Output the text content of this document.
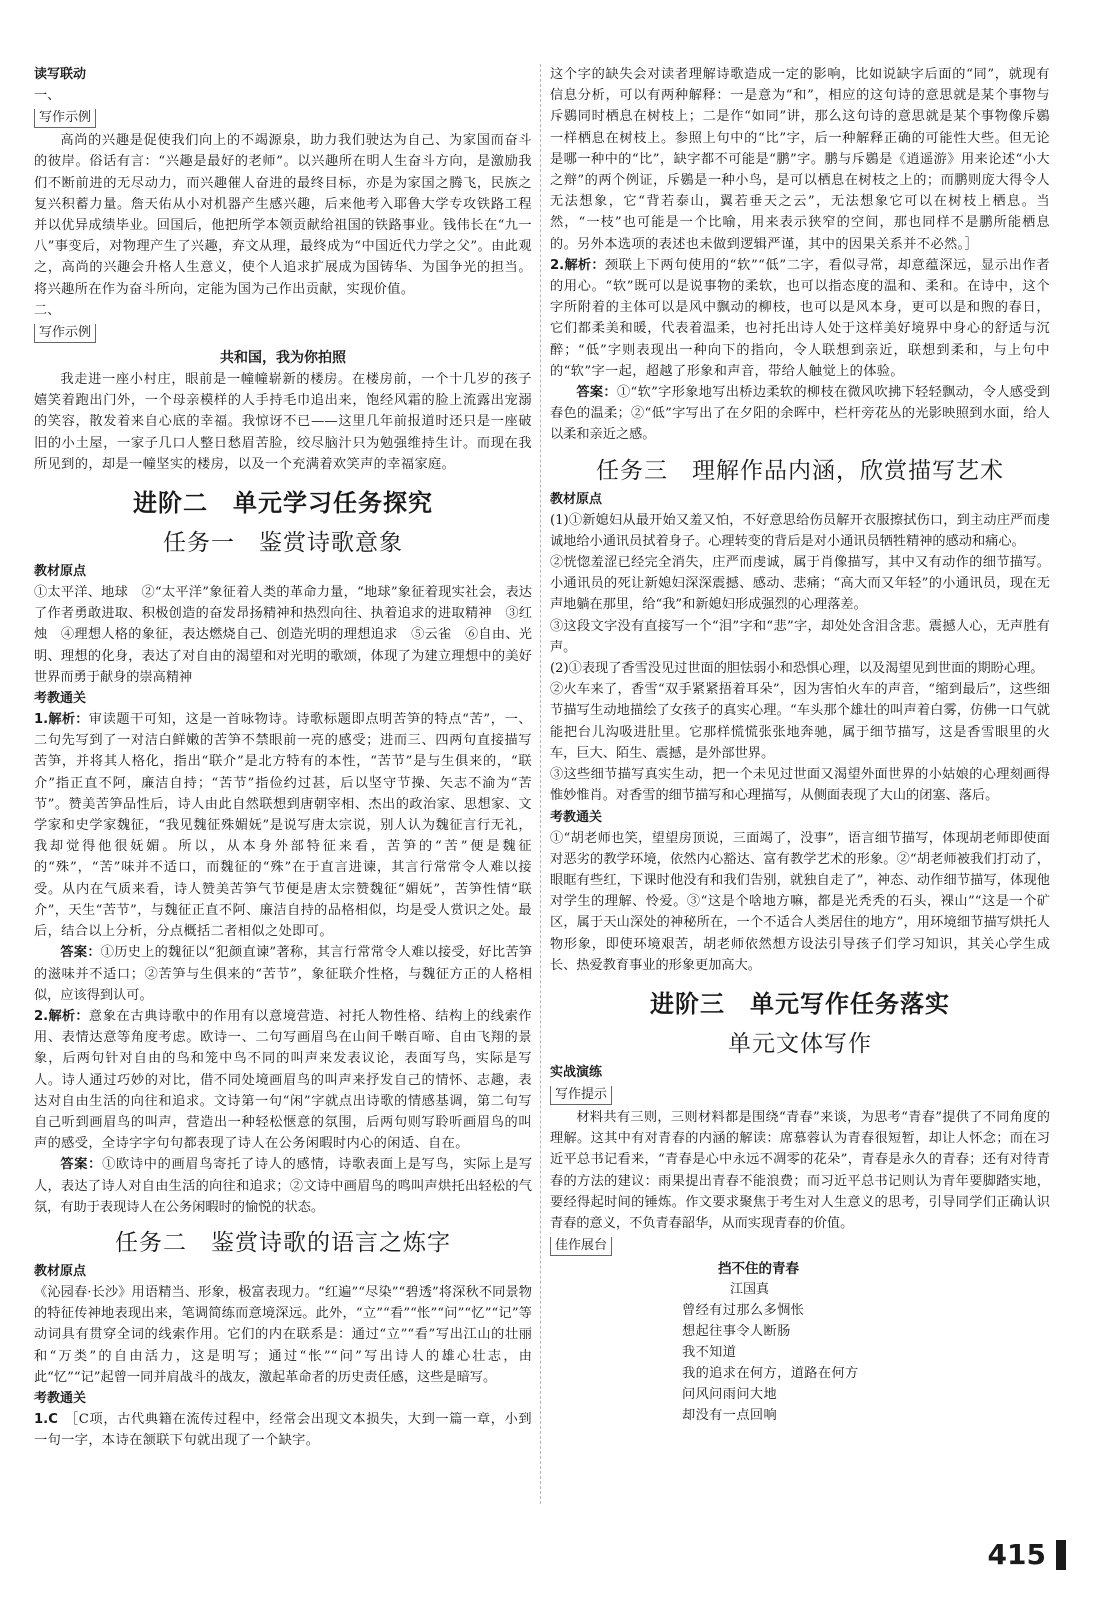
读写联动

一、

写作示例

高尚的兴趣是促使我们向上的不竭源泉，助力我们驶达为自己、为家国而奋斗的彼岸。俗话有言：“兴趣是最好的老师”。以兴趣所在明人生奋斗方向，是激励我们不断前进的无尽动力，而兴趣催人奋进的最终目标，亦是为家国之腾飞，民族之复兴积蓄力量。詹天佑从小对机器产生感兴趣，后来他考入耶鲁大学专攻铁路工程并以优异成绩毕业。回国后，他把所学本领贡献给祖国的铁路事业。钱伟长在“九一八”事变后，对物理产生了兴趣，弃文从理，最终成为“中国近代力学之父”。由此观之，高尚的兴趣会升格人生意义，使个人追求扩展成为国铸华、为国争光的担当。将兴趣所在作为奋斗所向，定能为国为己作出贡献，实现价值。

二、

写作示例

共和国，我为你拍照

我走进一座小村庄，眼前是一幢幢崭新的楼房。在楼房前，一个十几岁的孩子嬉笑着跑出门外，一个母亲模样的人手持毛巾追出来，饱经风霜的脸上流露出宠溺的笑容，散发着来自心底的幸福。我惊讶不已——这里几年前报道时还只是一座破旧的小土屋，一家子几口人整日愁眉苦脸，绞尽脑汁只为勉强维持生计。而现在我所见到的，却是一幢坚实的楼房，以及一个充满着欢笑声的幸福家庭。

进阶二　单元学习任务探究
任务一　鉴赏诗歌意象

教材原点

①太平洋、地球　②“太平洋”象征着人类的革命力量，“地球”象征着现实社会，表达了作者勇敢进取、积极创造的奋发昂扬精神和热烈向往、执着追求的进取精神　③红烛　④理想人格的象征，表达燃烧自己、创造光明的理想追求　⑤云雀　⑥自由、光明、理想的化身，表达了对自由的渴望和对光明的歌颂，体现了为建立理想中的美好世界而勇于献身的崇高精神

考教通关

1.解析：审读题干可知，这是一首咏物诗。诗歌标题即点明苦笋的特点“苦”，一、二句先写到了一对洁白鲜嫩的苦笋不禁眼前一亮的感受；进而三、四两句直接描写苦笋，并将其人格化，指出“联介”是北方特有的本性，“苦节”是与生俱来的，“联介”指正直不阿，廉洁自持；“苦节”指俭约过甚，后以坚守节操、矢志不渝为“苦节”。赞美苦笋品性后，诗人由此自然联想到唐朝宰相、杰出的政治家、思想家、文学家和史学家魏征，“我见魏征殊媚妩”是说写唐太宗说，别人认为魏征言行无礼，我却觉得他很妩媚。所以，从本身外部特征来看，苦笋的“苦”便是魏征的“殊”，“苦”味并不适口，而魏征的“殊”在于直言进谏，其言行常常令人难以接受。从内在气质来看，诗人赞美苦笋气节便是唐太宗赞魏征“媚妩”，苦笋性情“联介”，天生“苦节”，与魏征正直不阿、廉洁自持的品格相似，均是受人赏识之处。最后，结合以上分析，分点概括二者相似之处即可。

答案：①历史上的魏征以“犯颜直谏”著称，其言行常常令人难以接受，好比苦笋的滋味并不适口；②苦笋与生俱来的“苦节”，象征联介性格，与魏征方正的人格相似，应该得到认可。

2.解析：意象在古典诗歌中的作用有以意境营造、衬托人物性格、结构上的线索作用、表情达意等角度考虑。欧诗一、二句写画眉鸟在山间千啭百啼、自由飞翔的景象，后两句针对自由的鸟和笼中鸟不同的叫声来发表议论，表面写鸟，实际是写人。诗人通过巧妙的对比，借不同处境画眉鸟的叫声来抒发自己的情怀、志趣，表达对自由生活的向往和追求。文诗第一句“闲”字就点出诗歌的情感基调，第二句写自己听到画眉鸟的叫声，营造出一种轻松惬意的氛围，后两句则写聆听画眉鸟的叫声的感受，全诗字字句句都表现了诗人在公务闲暇时内心的闲适、自在。

答案：①欧诗中的画眉鸟寄托了诗人的感情，诗歌表面上是写鸟，实际上是写人，表达了诗人对自由生活的向往和追求；②文诗中画眉鸟的鸣叫声烘托出轻松的气氛，有助于表现诗人在公务闲暇时的愉悦的状态。

任务二　鉴赏诗歌的语言之炼字

教材原点

《沁园春·长沙》用语精当、形象，极富表现力。“红遍”“尽染”“碧透”将深秋不同景物的特征传神地表现出来，笔调简练而意境深远。此外，“立”“看”“怅”“问”“忆”“记”等动词具有贯穿全词的线索作用。它们的内在联系是：通过“立”“看”写出江山的壮丽和“万类”的自由活力，这是明写；通过“怅”“问”写出诗人的雄心壮志，由此“忆”“记”起曾一同并肩战斗的战友，激起革命者的历史责任感，这些是暗写。

考教通关

1.C　 ［C项，古代典籍在流传过程中，经常会出现文本损失，大到一篇一章，小到一句一字，本诗在颔联下句就出现了一个缺字。

这个字的缺失会对读者理解诗歌造成一定的影响，比如说缺字后面的“同”，就现有信息分析，可以有两种解释：一是意为“和”，相应的这句诗的意思就是某个事物与斥鷃同时栖息在树枝上；二是作“如同”讲，那么这句诗的意思就是某个事物像斥鷃一样栖息在树枝上。参照上句中的“比”字，后一种解释正确的可能性大些。但无论是哪一种中的“比”，缺字都不可能是“鹏”字。鹏与斥鷃是《逍遥游》用来论述“小大之辩”的两个例证，斥鷃是一种小鸟，是可以栖息在树枝之上的；而鹏则庞大得令人无法想象，它“背若泰山，翼若垂天之云”，无法想象它可以在树枝上栖息。当然，“一枝”也可能是一个比喻，用来表示狭窄的空间，那也同样不是鹏所能栖息的。另外本选项的表述也未做到逻辑严谨，其中的因果关系并不必然。］

2.解析：颈联上下两句使用的“软”“低”二字，看似寻常，却意蕴深远，显示出作者的用心。“软”既可以是说事物的柔软，也可以指态度的温和、柔和。在诗中，这个字所附着的主体可以是风中飘动的柳枝，也可以是风本身，更可以是和煦的春日，它们都柔美和暖，代表着温柔，也衬托出诗人处于这样美好境界中身心的舒适与沉醉；“低”字则表现出一种向下的指向，令人联想到亲近，联想到柔和，与上句中的“软”字一起，超越了形象和声音，带给人触觉上的体验。

答案：①“软”字形象地写出桥边柔软的柳枝在微风吹拂下轻轻飘动，令人感受到春色的温柔；②“低”字写出了在夕阳的余晖中，栏杆旁花丛的光影映照到水面，给人以柔和亲近之感。

任务三　理解作品内涵，欣赏描写艺术

教材原点

(1)①新媳妇从最开始又羞又怕，不好意思给伤员解开衣服擦拭伤口，到主动庄严而虔诚地给小通讯员拭着身子。心理转变的背后是对小通讯员牺牲精神的感动和痛心。

②恍惚羞涩已经完全消失，庄严而虔诚，属于肖像描写，其中又有动作的细节描写。小通讯员的死让新媳妇深深震撼、感动、悲痛；“高大而又年轻”的小通讯员，现在无声地躺在那里，给“我”和新媳妇形成强烈的心理落差。

③这段文字没有直接写一个“泪”字和“悲”字，却处处含泪含悲。震撼人心，无声胜有声。

(2)①表现了香雪没见过世面的胆怯弱小和恐惧心理，以及渴望见到世面的期盼心理。

②火车来了，香雪“双手紧紧捂着耳朵”，因为害怕火车的声音，“缩到最后”，这些细节描写生动地描绘了女孩子的真实心理。“车头那个雄壮的叫声着白雾，仿佛一口气就能把台儿沟吸进肚里。它那样慌慌张张地奔驰，属于细节描写，这是香雪眼里的火车，巨大、陌生、震撼，是外部世界。

③这些细节描写真实生动，把一个未见过世面又渴望外面世界的小姑娘的心理刻画得惟妙惟肖。对香雪的细节描写和心理描写，从侧面表现了大山的闭塞、落后。

考教通关

①“胡老师也笑，望望房顶说，三面竭了，没事”，语言细节描写，体现胡老师即使面对恶劣的教学环境，依然内心豁达、富有教学艺术的形象。②“胡老师被我们打动了，眼眶有些红，下课时他没有和我们告别，就独自走了”，神态、动作细节描写，体现他对学生的理解、怜爱。③“这是个啥地方嘛，都是光秃秃的石头，裸山”“这是一个矿区，属于天山深处的神秘所在，一个不适合人类居住的地方”，用环境细节描写烘托人物形象，即使环境艰苦，胡老师依然想方设法引导孩子们学习知识，其关心学生成长、热爱教育事业的形象更加高大。

进阶三　单元写作任务落实
单元文体写作

实战演练

写作提示

材料共有三则，三则材料都是围绕“青春”来谈，为思考“青春”提供了不同角度的理解。这其中有对青春的内涵的解读：席慕蓉认为青春很短暂，却让人怀念；而在习近平总书记看来，“青春是心中永远不凋零的花朵”，青春是永久的青春；还有对待青春的方法的建议：雨果提出青春不能浪费；而习近平总书记则认为青年要脚踏实地，要经得起时间的锤炼。作文要求聚焦于考生对人生意义的思考，引导同学们正确认识青春的意义，不负青春韶华，从而实现青春的价值。

佳作展台

挡不住的青春

江国真

曾经有过那么多惆怅

想起往事令人断肠

我不知道

我的追求在何方，道路在何方

问风问雨问大地

却没有一点回响

415
